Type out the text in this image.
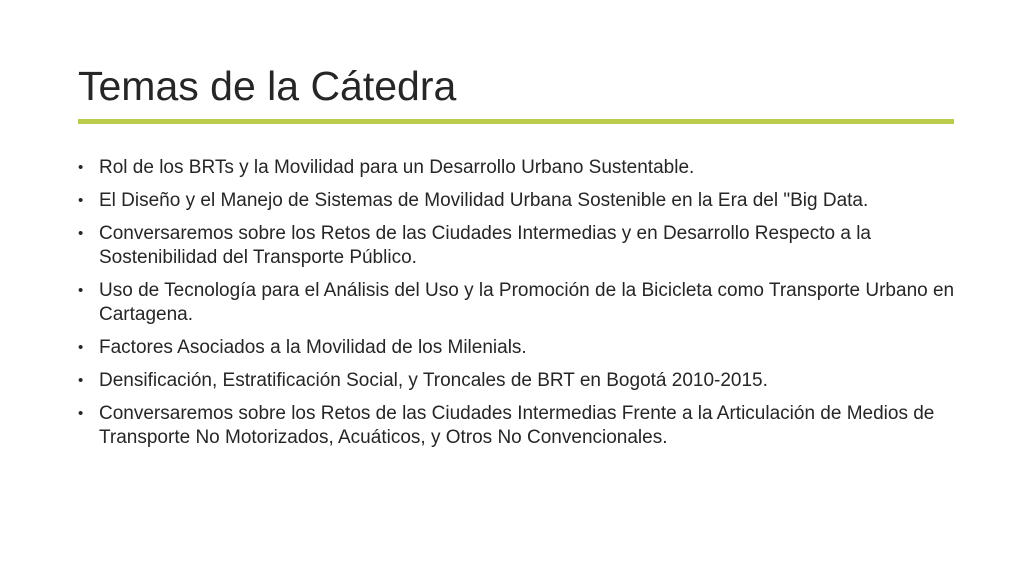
Temas de la Cátedra
• Rol de los BRTs y la Movilidad para un Desarrollo Urbano Sustentable.
• El Diseño y el Manejo de Sistemas de Movilidad Urbana Sostenible en la Era del "Big Data.
• Conversaremos sobre los Retos de las Ciudades Intermedias y en Desarrollo Respecto a la Sostenibilidad del Transporte Público.
• Uso de Tecnología para el Análisis del Uso y la Promoción de la Bicicleta como Transporte Urbano en Cartagena.
• Factores Asociados a la Movilidad de los Milenials.
• Densificación, Estratificación Social, y Troncales de BRT en Bogotá 2010-2015.
• Conversaremos sobre los Retos de las Ciudades Intermedias Frente a la Articulación de Medios de Transporte No Motorizados, Acuáticos, y Otros No Convencionales.
